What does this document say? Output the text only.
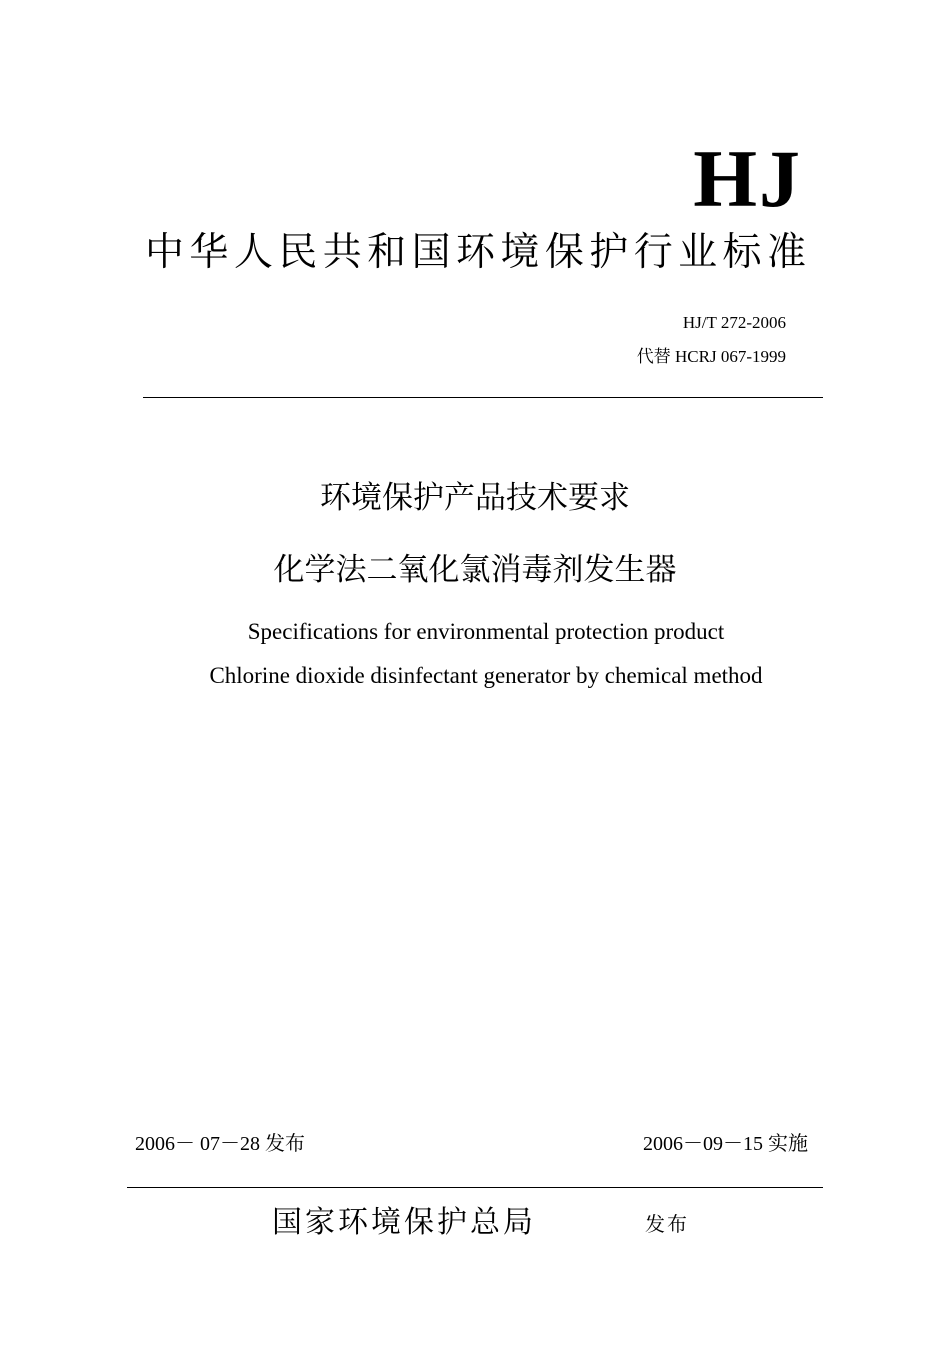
HJ
中华人民共和国环境保护行业标准
HJ/T 272-2006
代替 HCRJ 067-1999
环境保护产品技术要求
化学法二氧化氯消毒剂发生器
Specifications for environmental protection product
Chlorine dioxide disinfectant generator by chemical method
2006－ 07－28 发布	2006－09－15 实施
国家环境保护总局	发布
